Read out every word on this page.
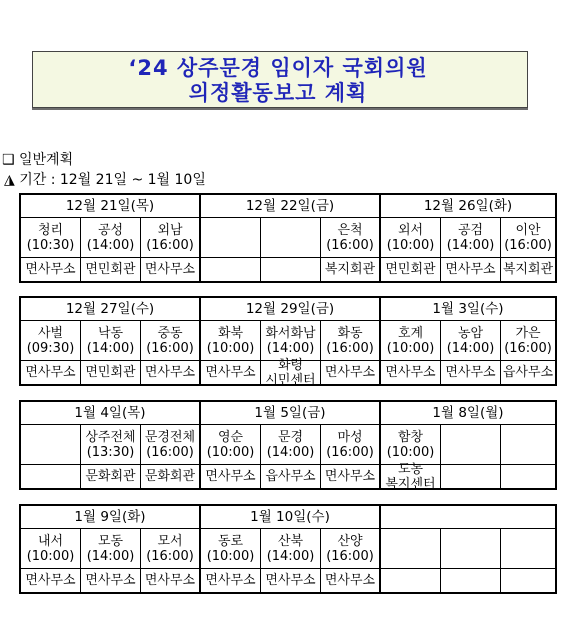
‘24 상주문경 임이자 국회의원
의정활동보고 계획
❑ 일반계획
◮ 기간 : 12월 21일 ~ 1월 10일
12월 21일(목)
청리
(10:30)
면사무소
공성
(14:00)
면민회관
외남
(16:00)
면사무소
12월 22일(금)
은척
(16:00)
복지회관
12월 26일(화)
외서
(10:00)
면민회관
공검
(14:00)
면사무소
이안
(16:00)
복지회관
12월 27일(수)
사벌
(09:30)
면사무소
낙동
(14:00)
면민회관
중동
(16:00)
면사무소
12월 29일(금)
화북
(10:00)
면사무소
화서화남
(14:00)
화령
시민센터
화동
(16:00)
면사무소
1월 3일(수)
호계
(10:00)
면사무소
농암
(14:00)
면사무소
가은
(16:00)
읍사무소
1월 4일(목)
상주전체
(13:30)
문화회관
문경전체
(16:00)
문화회관
1월 5일(금)
영순
(10:00)
면사무소
문경
(14:00)
읍사무소
마성
(16:00)
면사무소
1월 8일(월)
함창
(10:00)
도농
복지센터
1월 9일(화)
내서
(10:00)
면사무소
모동
(14:00)
면사무소
모서
(16:00)
면사무소
1월 10일(수)
동로
(10:00)
면사무소
산북
(14:00)
면사무소
산양
(16:00)
면사무소
